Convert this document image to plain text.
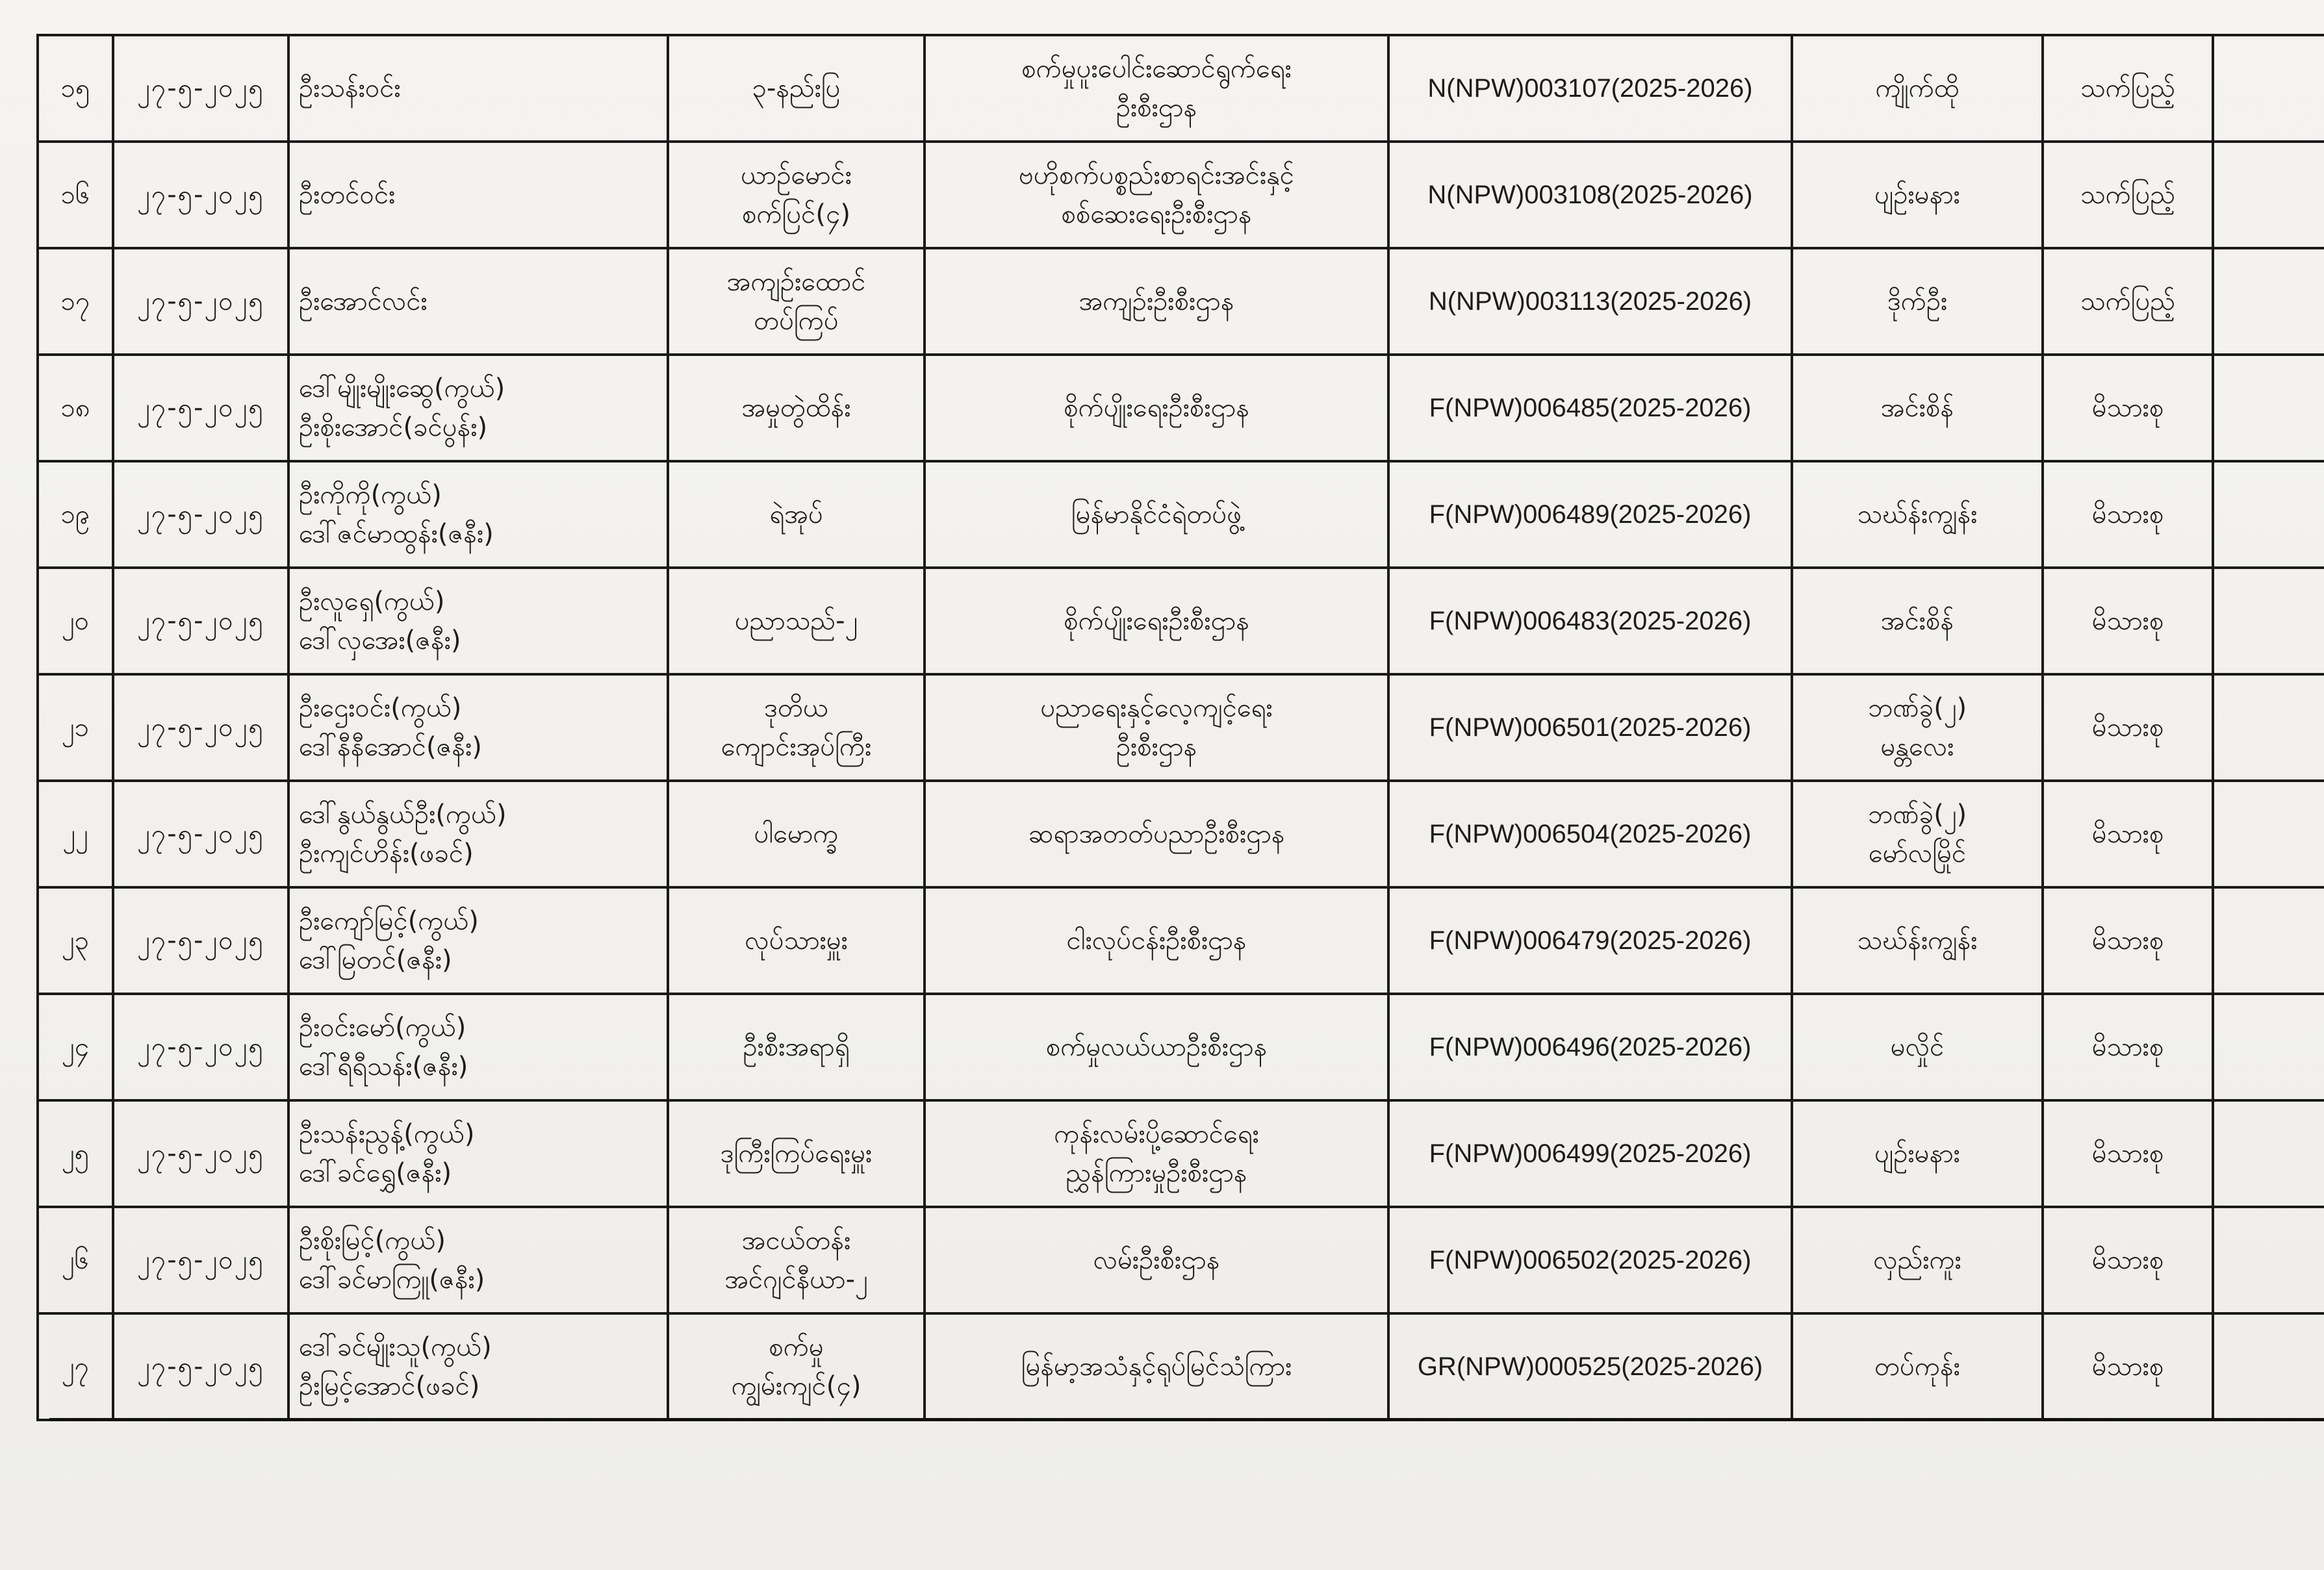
၁၅	၂၇-၅-၂၀၂၅	ဦးသန်းဝင်း	၃-နည်းပြ	စက်မှုပူးပေါင်းဆောင်ရွက်ရေး
ဦးစီးဌာန	N(NPW)003107(2025-2026)	ကျိုက်ထို	သက်ပြည့်	
၁၆	၂၇-၅-၂၀၂၅	ဦးတင်ဝင်း	ယာဉ်မောင်း
စက်ပြင်(၄)	ဗဟိုစက်ပစ္စည်းစာရင်းအင်းနှင့်
စစ်ဆေးရေးဦးစီးဌာန	N(NPW)003108(2025-2026)	ပျဉ်းမနား	သက်ပြည့်	
၁၇	၂၇-၅-၂၀၂၅	ဦးအောင်လင်း	အကျဉ်းထောင်
တပ်ကြပ်	အကျဉ်းဦးစီးဌာန	N(NPW)003113(2025-2026)	ဒိုက်ဦး	သက်ပြည့်	
၁၈	၂၇-၅-၂၀၂၅	ဒေါ်မျိုးမျိုးဆွေ(ကွယ်)
ဦးစိုးအောင်(ခင်ပွန်း)	အမှုတွဲထိန်း	စိုက်ပျိုးရေးဦးစီးဌာန	F(NPW)006485(2025-2026)	အင်းစိန်	မိသားစု	
၁၉	၂၇-၅-၂၀၂၅	ဦးကိုကို(ကွယ်)
ဒေါ်ဇင်မာထွန်း(ဇနီး)	ရဲအုပ်	မြန်မာနိုင်ငံရဲတပ်ဖွဲ့	F(NPW)006489(2025-2026)	သဃ်န်းကျွန်း	မိသားစု	
၂၀	၂၇-၅-၂၀၂၅	ဦးလူရှေ(ကွယ်)
ဒေါ်လှအေး(ဇနီး)	ပညာသည်-၂	စိုက်ပျိုးရေးဦးစီးဌာန	F(NPW)006483(2025-2026)	အင်းစိန်	မိသားစု	
၂၁	၂၇-၅-၂၀၂၅	ဦးဌေးဝင်း(ကွယ်)
ဒေါ်နီနီအောင်(ဇနီး)	ဒုတိယ
ကျောင်းအုပ်ကြီး	ပညာရေးနှင့်လေ့ကျင့်ရေး
ဦးစီးဌာန	F(NPW)006501(2025-2026)	ဘဏ်ခွဲ(၂)
မန္တလေး	မိသားစု	
၂၂	၂၇-၅-၂၀၂၅	ဒေါ်နွယ်နွယ်ဦး(ကွယ်)
ဦးကျင်ဟိန်း(ဖခင်)	ပါမောက္ခ	ဆရာအတတ်ပညာဦးစီးဌာန	F(NPW)006504(2025-2026)	ဘဏ်ခွဲ(၂)
မော်လမြိုင်	မိသားစု	
၂၃	၂၇-၅-၂၀၂၅	ဦးကျော်မြင့်(ကွယ်)
ဒေါ်မြတင်(ဇနီး)	လုပ်သားမှူး	ငါးလုပ်ငန်းဦးစီးဌာန	F(NPW)006479(2025-2026)	သဃ်န်းကျွန်း	မိသားစု	
၂၄	၂၇-၅-၂၀၂၅	ဦးဝင်းမော်(ကွယ်)
ဒေါ်ရီရီသန်း(ဇနီး)	ဦးစီးအရာရှိ	စက်မှုလယ်ယာဦးစီးဌာန	F(NPW)006496(2025-2026)	မလှိုင်	မိသားစု	
၂၅	၂၇-၅-၂၀၂၅	ဦးသန်းညွန့်(ကွယ်)
ဒေါ်ခင်ရွှေ(ဇနီး)	ဒုကြီးကြပ်ရေးမှူး	ကုန်းလမ်းပို့ဆောင်ရေး
ညွှန်ကြားမှုဦးစီးဌာန	F(NPW)006499(2025-2026)	ပျဉ်းမနား	မိသားစု	
၂၆	၂၇-၅-၂၀၂၅	ဦးစိုးမြင့်(ကွယ်)
ဒေါ်ခင်မာကြူ(ဇနီး)	အငယ်တန်း
အင်ဂျင်နီယာ-၂	လမ်းဦးစီးဌာန	F(NPW)006502(2025-2026)	လှည်းကူး	မိသားစု	
၂၇	၂၇-၅-၂၀၂၅	ဒေါ်ခင်မျိုးသူ(ကွယ်)
ဦးမြင့်အောင်(ဖခင်)	စက်မှု
ကျွမ်းကျင်(၄)	မြန်မာ့အသံနှင့်ရုပ်မြင်သံကြား	GR(NPW)000525(2025-2026)	တပ်ကုန်း	မိသားစု	
